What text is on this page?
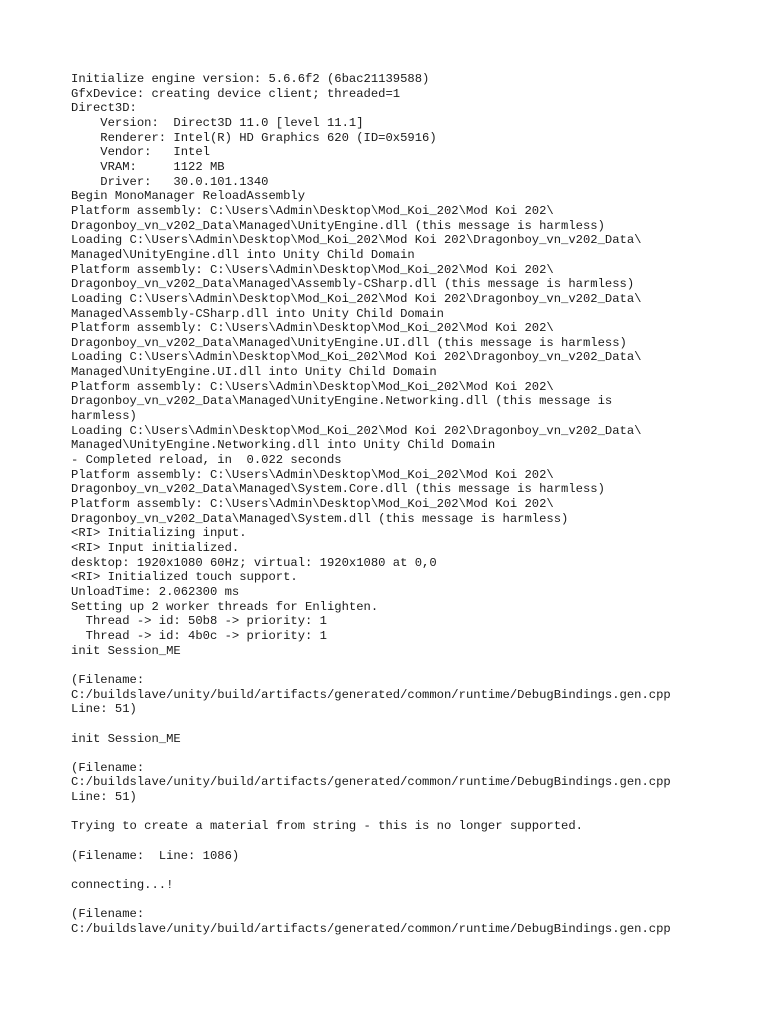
Initialize engine version: 5.6.6f2 (6bac21139588)
GfxDevice: creating device client; threaded=1
Direct3D:
Version:  Direct3D 11.0 [level 11.1]
Renderer: Intel(R) HD Graphics 620 (ID=0x5916)
Vendor:   Intel
VRAM:     1122 MB
Driver:   30.0.101.1340
Begin MonoManager ReloadAssembly
Platform assembly: C:\Users\Admin\Desktop\Mod_Koi_202\Mod Koi 202\
Dragonboy_vn_v202_Data\Managed\UnityEngine.dll (this message is harmless)
Loading C:\Users\Admin\Desktop\Mod_Koi_202\Mod Koi 202\Dragonboy_vn_v202_Data\
Managed\UnityEngine.dll into Unity Child Domain
Platform assembly: C:\Users\Admin\Desktop\Mod_Koi_202\Mod Koi 202\
Dragonboy_vn_v202_Data\Managed\Assembly-CSharp.dll (this message is harmless)
Loading C:\Users\Admin\Desktop\Mod_Koi_202\Mod Koi 202\Dragonboy_vn_v202_Data\
Managed\Assembly-CSharp.dll into Unity Child Domain
Platform assembly: C:\Users\Admin\Desktop\Mod_Koi_202\Mod Koi 202\
Dragonboy_vn_v202_Data\Managed\UnityEngine.UI.dll (this message is harmless)
Loading C:\Users\Admin\Desktop\Mod_Koi_202\Mod Koi 202\Dragonboy_vn_v202_Data\
Managed\UnityEngine.UI.dll into Unity Child Domain
Platform assembly: C:\Users\Admin\Desktop\Mod_Koi_202\Mod Koi 202\
Dragonboy_vn_v202_Data\Managed\UnityEngine.Networking.dll (this message is
harmless)
Loading C:\Users\Admin\Desktop\Mod_Koi_202\Mod Koi 202\Dragonboy_vn_v202_Data\
Managed\UnityEngine.Networking.dll into Unity Child Domain
- Completed reload, in  0.022 seconds
Platform assembly: C:\Users\Admin\Desktop\Mod_Koi_202\Mod Koi 202\
Dragonboy_vn_v202_Data\Managed\System.Core.dll (this message is harmless)
Platform assembly: C:\Users\Admin\Desktop\Mod_Koi_202\Mod Koi 202\
Dragonboy_vn_v202_Data\Managed\System.dll (this message is harmless)
<RI> Initializing input.
<RI> Input initialized.
desktop: 1920x1080 60Hz; virtual: 1920x1080 at 0,0
<RI> Initialized touch support.
UnloadTime: 2.062300 ms
Setting up 2 worker threads for Enlighten.
Thread -> id: 50b8 -> priority: 1
Thread -> id: 4b0c -> priority: 1
init Session_ME
(Filename:
C:/buildslave/unity/build/artifacts/generated/common/runtime/DebugBindings.gen.cpp
Line: 51)
init Session_ME
(Filename:
C:/buildslave/unity/build/artifacts/generated/common/runtime/DebugBindings.gen.cpp
Line: 51)
Trying to create a material from string - this is no longer supported.
(Filename:  Line: 1086)
connecting...!
(Filename:
C:/buildslave/unity/build/artifacts/generated/common/runtime/DebugBindings.gen.cpp
